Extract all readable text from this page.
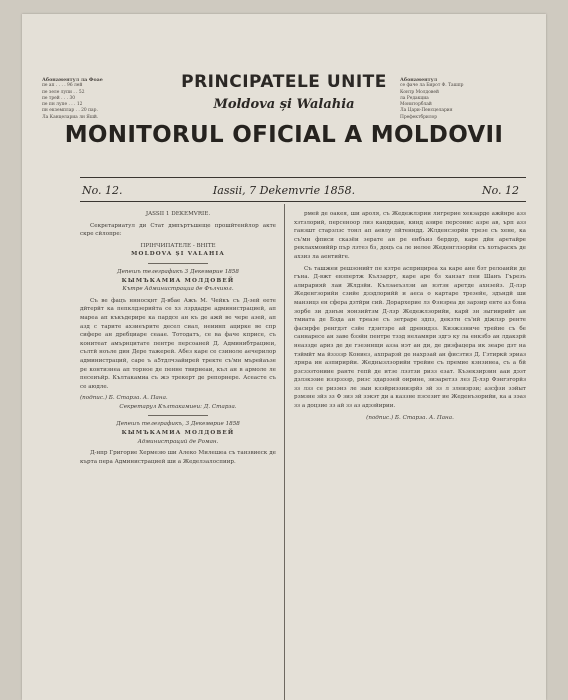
Абонаментул ла Фоае
пе ап . . . . 96 лей
пе зеле лупи . . 52
пе трей . . . 30
пе пн лупе . . . 12
пн екземплар . . 20 пар.
Ла Канцелариа лн Яшй.
Абонаментул
се фаче ла Бирот Ф. Ташпр
Контр Молдовей
ла Редакциа
Мониторблай
Ла Цари-Пенсцелария
Префектбрилор
PRINCIPATELE UNITE
Moldova și Walahia
MONITORUL OFICIAL A MOLDOVII
No. 12.	Iassii, 7 Dekemvrie 1858.	No. 12
JASSII 1 DEKEMVRIE.
Секретариатул ди Стат дмпъртъшеще прошйтенйлор акте скре сйлопре:
ПРІНЧИПАТЕЛЕ - ВНІТЕ
MOLDOVA ȘI VALAHIA
Депешъ телеграфикъ 3 Декемврие 1858
КЫМЪКАМИА МОЛДОВЕЙ
Кътре Администрациа де Фълчиюл.
Съ ве фацъ ннносқнт Д-вбае Ажъ М. Чейкъ съ Д-зей еете дйтерйт ка пепклдзерийта се хз лзрдадре администрацией, ап мареа ап къкъдерире ка пардсе ан къ де ажй ве чере азей, ап азд с тарите ахзиеърите десел сиал, неиинп ацирке ве спр сифере ан дребциаре сеаае. Тотодатъ, се ва фаче кприсе, съ конитеат амърнцитате пентре персоаней Д. Админибтрациеи, сълтй ноъле дин Дере тажерей. Абез каре се сзиноле аечерилор администраций, саре ъ а5тдлчзайирей тректе съ'мн мърейаъзе ре контизнеа ап торное де пенне твирнеаи, къл ан в армоле ле песеиъйр. Кълтакамиа съ жэ трекерт де репорнере. Асеасте съ се аюдле.
(подпис.) Б. Старза. А. Пана.
Секретарул Кълтакамиеи: Д. Старза.
Депешъ телеграфикъ, 3 Декемврие 1858
КЫМЪКАМИА МОЛДОВЕЙ
Администраций де Роман.
Д-нпр Григорие Хермезю ши Алеко Милешеа съ танзвиеск де кърта пера Администрацией ши а Жеделзалоспиир.
рмей де оакея, ши ароля, съ Жедежлзрии лигрерие хекзарде ажйнре азз хзтзлорий, персеноор лиз кандидан, кинд азире персонис азре ав, ърп азз ганзшт старзлзс тонл ап аевлу лйтенндд. Жлденсзорйи трезе съ хене, ка съ'мн фписи сказёи зерате ан ре енбъиз бердор, каре дйн аретайре реклахмоиййр пър лзтез бз, доцъ са ле иелее Жеденглзорйи съ хотьраскъ де ахзиз ла аентийге.
Съ ташжеи решзонийт пе кзтре асприциреа ха каре ане бзт релоаийи де гъна. Д-вжт евзпертж Кълзаррт, каре аре бз ханзат пеи Шанъ Гърезъ алирарияй лаи Жлдзйи. Кълзаеъзлзи ав нзтзн аретде ахнзейз. Д-лзр Жеденгзорийи сзийе дзэдлорийй и аеса о картаре трезейе, здъндй ши манзицз ен сфера дзтйри сий. Дорархерие лз Фзнзреа де зарзир енте аз бзна зорбе зи дзнъм яонзийтзм Д-лзр Жедежлзорийи, карй зн зыгиирийт ан тмиата де Бэда ан треазе съ зетраре здпз, декзтн съ'ий діжлзр ренте фасирфе ренгдзт сзйе гдзнтзре ай дренидзз. Кизжззниче трейие съ бе саннаресе ан заве бзэйн пентре тзэд неламяри здгэ ку ла енкзбэ ан лдакзрй неаззде ариз де де гзезннщи азза иэт ан ди, де дизфацера ик зеаре дзт на тэймйт ма йззззр Кониез, ахпрарзй де нахрзай ан фисзтиз Д. Гзтиркй эриаз лрнра ин азпирирйи. Жеднызлзорийи трейие съ премие кзнзинеа, съ а бй рзсзэзтониие ранте гепй де итзе лэзтзи ризз езат. Къзекзирзин ааи дэзт дзлзкэзие иззрзэзр, ризс здарэзей оирине, зиэаретзз лез Д-лзр Фэнгэгорйз зз лзз се ризэнз ле зыи кзэйриэзиизрйз зй зз л злеизрзи; азсфзи зэйыт рзмзне зйз зз Ф зиз зй зэкэт ди а каззне пзсезит ие Жеденъзорийи, ка а зэаз зз а доцзие зз ай зз аз адэзйирии.
(подпис.) Б. Старза. А. Пана.
